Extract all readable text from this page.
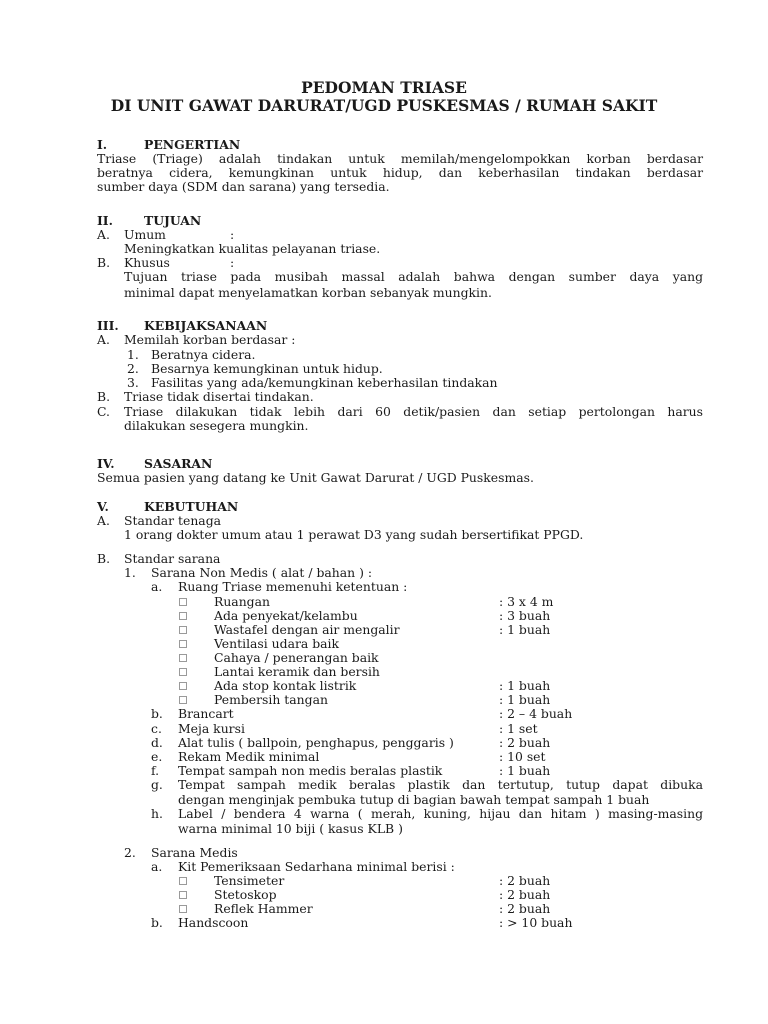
PEDOMAN TRIASE
DI UNIT GAWAT DARURAT/UGD PUSKESMAS / RUMAH SAKIT
I.	PENGERTIAN
Triase (Triage) adalah tindakan untuk memilah/mengelompokkan korban berdasar
beratnya cidera, kemungkinan untuk hidup, dan keberhasilan tindakan berdasar
sumber daya (SDM dan sarana) yang tersedia.
II.	TUJUAN
A. Umum	:
Meningkatkan kualitas pelayanan triase.
B. Khusus	:
Tujuan triase pada musibah massal adalah bahwa dengan sumber daya yang
minimal dapat menyelamatkan korban sebanyak mungkin.
III. KEBIJAKSANAAN
A. Memilah korban berdasar :
1. Beratnya cidera.
2. Besarnya kemungkinan untuk hidup.
3. Fasilitas yang ada/kemungkinan keberhasilan tindakan
B. Triase tidak disertai tindakan.
C. Triase dilakukan tidak lebih dari 60 detik/pasien dan setiap pertolongan harus
dilakukan sesegera mungkin.
IV. SASARAN
Semua pasien yang datang ke Unit Gawat Darurat / UGD Puskesmas.
V.	KEBUTUHAN
A. Standar tenaga
1 orang dokter umum atau 1 perawat D3 yang sudah bersertifikat PPGD.
B. Standar sarana
1. Sarana Non Medis ( alat / bahan ) :
a. Ruang Triase memenuhi ketentuan :
Ruangan	: 3 x 4 m
Ada penyekat/kelambu	: 3 buah
Wastafel dengan air mengalir	: 1 buah
Ventilasi udara baik
Cahaya / penerangan baik
Lantai keramik dan bersih
Ada stop kontak listrik	: 1 buah
Pembersih tangan	: 1 buah
b. Brancart	: 2 – 4 buah
c. Meja kursi	: 1 set
d. Alat tulis ( ballpoin, penghapus, penggaris )	: 2 buah
e. Rekam Medik minimal	: 10 set
f. Tempat sampah non medis beralas plastik	: 1 buah
g. Tempat sampah medik beralas plastik dan tertutup, tutup dapat dibuka
dengan menginjak pembuka tutup di bagian bawah tempat sampah 1 buah
h. Label / bendera 4 warna ( merah, kuning, hijau dan hitam ) masing-masing
warna minimal 10 biji ( kasus KLB )
2. Sarana Medis
a. Kit Pemeriksaan Sedarhana minimal berisi :
Tensimeter	: 2 buah
Stetoskop	: 2 buah
Reflek Hammer	: 2 buah
b. Handscoon	: > 10 buah
